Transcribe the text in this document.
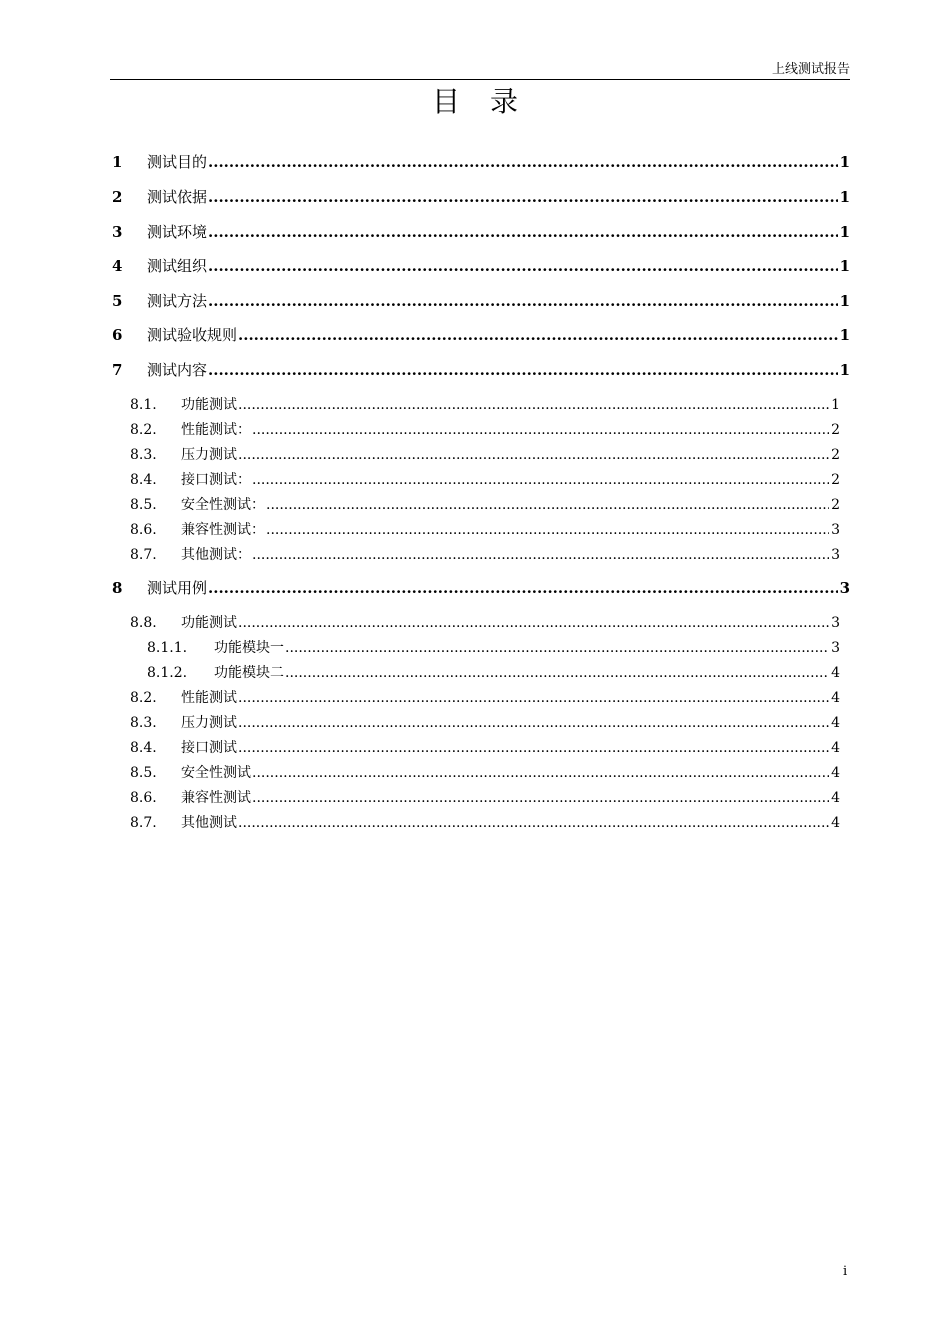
上线测试报告
目录
1	测试目的 .....	1
2	测试依据 .....	1
3	测试环境 .....	1
4	测试组织 .....	1
5	测试方法 .....	1
6	测试验收规则 .....	1
7	测试内容 .....	1
8.1.	功能测试 .....	1
8.2.	性能测试： .....	2
8.3.	压力测试 .....	2
8.4.	接口测试： .....	2
8.5.	安全性测试： .....	2
8.6.	兼容性测试： .....	3
8.7.	其他测试： .....	3
8	测试用例 .....	3
8.8.	功能测试 .....	3
8.1.1.	功能模块一 .....	3
8.1.2.	功能模块二 .....	4
8.2.	性能测试 .....	4
8.3.	压力测试 .....	4
8.4.	接口测试 .....	4
8.5.	安全性测试 .....	4
8.6.	兼容性测试 .....	4
8.7.	其他测试 .....	4
i
